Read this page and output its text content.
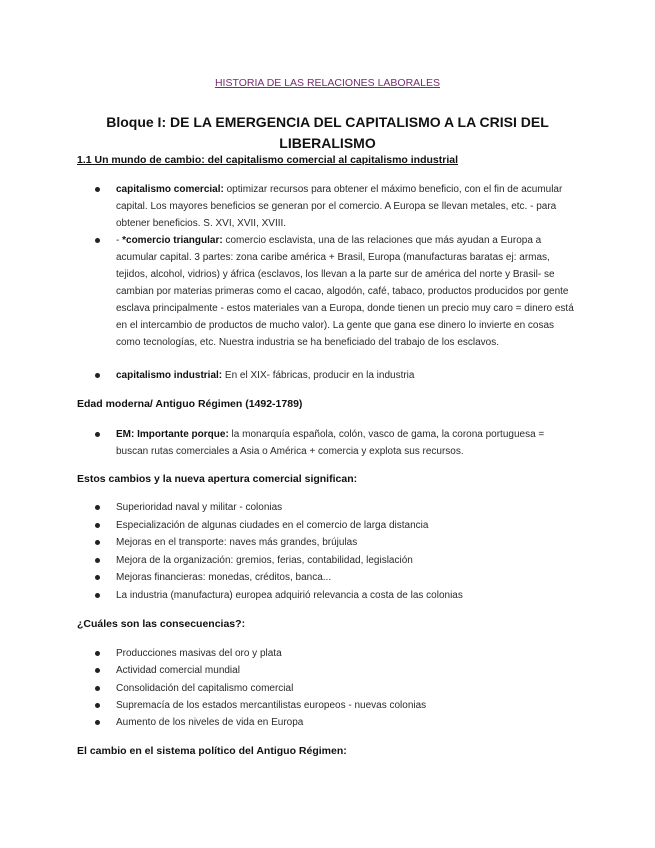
HISTORIA DE LAS RELACIONES LABORALES
Bloque I: DE LA EMERGENCIA DEL CAPITALISMO A LA CRISI DEL LIBERALISMO
1.1 Un mundo de cambio: del capitalismo comercial al capitalismo industrial
capitalismo comercial: optimizar recursos para obtener el máximo beneficio, con el fin de acumular capital. Los mayores beneficios se generan por el comercio. A Europa se llevan metales, etc. - para obtener beneficios. S. XVI, XVII, XVIII.
- *comercio triangular: comercio esclavista, una de las relaciones que más ayudan a Europa a acumular capital. 3 partes: zona caribe américa + Brasil, Europa (manufacturas baratas ej: armas, tejidos, alcohol, vidrios) y áfrica (esclavos, los llevan a la parte sur de américa del norte y Brasil- se cambian por materias primeras como el cacao, algodón, café, tabaco, productos producidos por gente esclava principalmente - estos materiales van a Europa, donde tienen un precio muy caro = dinero está en el intercambio de productos de mucho valor). La gente que gana ese dinero lo invierte en cosas como tecnologías, etc. Nuestra industria se ha beneficiado del trabajo de los esclavos.
capitalismo industrial: En el XIX- fábricas, producir en la industria
Edad moderna/ Antiguo Régimen (1492-1789)
EM: Importante porque: la monarquía española, colón, vasco de gama, la corona portuguesa = buscan rutas comerciales a Asia o América + comercia y explota sus recursos.
Estos cambios y la nueva apertura comercial significan:
Superioridad naval y militar - colonias
Especialización de algunas ciudades en el comercio de larga distancia
Mejoras en el transporte: naves más grandes, brújulas
Mejora de la organización: gremios, ferias, contabilidad, legislación
Mejoras financieras: monedas, créditos, banca...
La industria (manufactura) europea adquirió relevancia a costa de las colonias
¿Cuáles son las consecuencias?:
Producciones masivas del oro y plata
Actividad comercial mundial
Consolidación del capitalismo comercial
Supremacía de los estados mercantilistas europeos - nuevas colonias
Aumento de los niveles de vida en Europa
El cambio en el sistema político del Antiguo Régimen:
